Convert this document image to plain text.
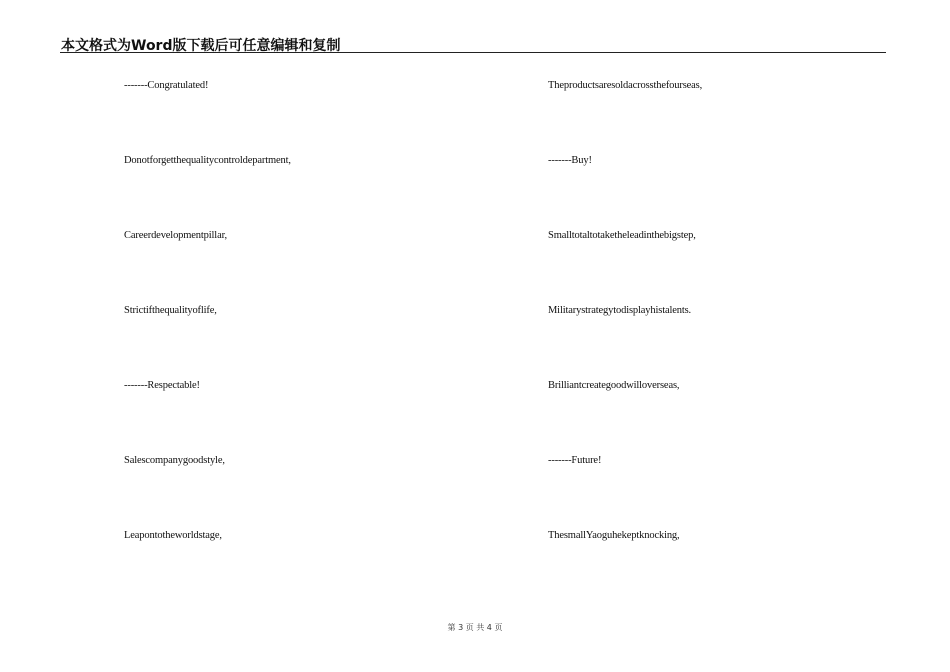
本文格式为Word版下载后可任意编辑和复制
-------Congratulated!
Donotforgetthequalitycontroldepartment,
Careerdevelopmentpillar,
Strictifthequalityoflife,
-------Respectable!
Salescompanygoodstyle,
Leapontotheworldstage,
Theproductsaresoldacrossthefourseas,
-------Buy!
Smalltotaltotaketheleadinthebigstep,
Militarystrategytodisplayhistalents.
Brilliantcreategoodwilloverseas,
-------Future!
ThesmallYaoguhekeptknocking,
第 3 页 共 4 页
